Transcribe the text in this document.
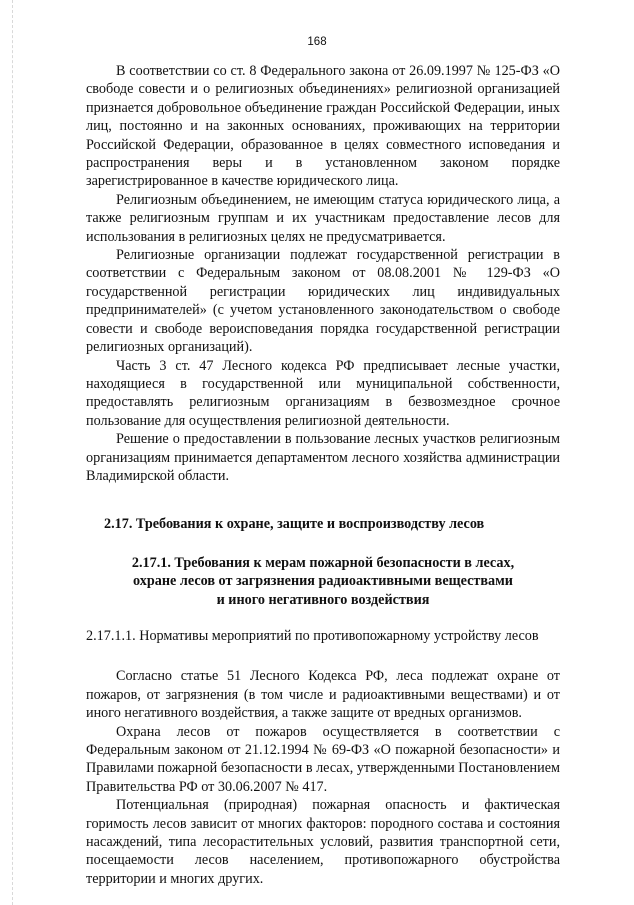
168

В соответствии со ст. 8 Федерального закона от 26.09.1997 № 125-ФЗ «О свободе совести и о религиозных объединениях» религиозной организацией признается добровольное объединение граждан Российской Федерации, иных лиц, постоянно и на законных основаниях, проживающих на территории Российской Федерации, образованное в целях совместного исповедания и распространения веры и в установленном законом порядке зарегистрированное в качестве юридического лица.

Религиозным объединением, не имеющим статуса юридического лица, а также религиозным группам и их участникам предоставление лесов для использования в религиозных целях не предусматривается.

Религиозные организации подлежат государственной регистрации в соответствии с Федеральным законом от 08.08.2001 № 129-ФЗ «О государственной регистрации юридических лиц индивидуальных предпринимателей» (с учетом установленного законодательством о свободе совести и свободе вероисповедания порядка государственной регистрации религиозных организаций).

Часть 3 ст. 47 Лесного кодекса РФ предписывает лесные участки, находящиеся в государственной или муниципальной собственности, предоставлять религиозным организациям в безвозмездное срочное пользование для осуществления религиозной деятельности.

Решение о предоставлении в пользование лесных участков религиозным организациям принимается департаментом лесного хозяйства администрации Владимирской области.

2.17. Требования к охране, защите и воспроизводству лесов
2.17.1. Требования к мерам пожарной безопасности в лесах,
охране лесов от загрязнения радиоактивными веществами
и иного негативного воздействия
2.17.1.1. Нормативы мероприятий по противопожарному устройству лесов

Согласно статье 51 Лесного Кодекса РФ, леса подлежат охране от пожаров, от загрязнения (в том числе и радиоактивными веществами) и от иного негативного воздействия, а также защите от вредных организмов.

Охрана лесов от пожаров осуществляется в соответствии с Федеральным законом от 21.12.1994 № 69-ФЗ «О пожарной безопасности» и Правилами пожарной безопасности в лесах, утвержденными Постановлением Правительства РФ от 30.06.2007 № 417.

Потенциальная (природная) пожарная опасность и фактическая горимость лесов зависит от многих факторов: породного состава и состояния насаждений, типа лесорастительных условий, развития транспортной сети, посещаемости лесов населением, противопожарного обустройства территории и многих других.
